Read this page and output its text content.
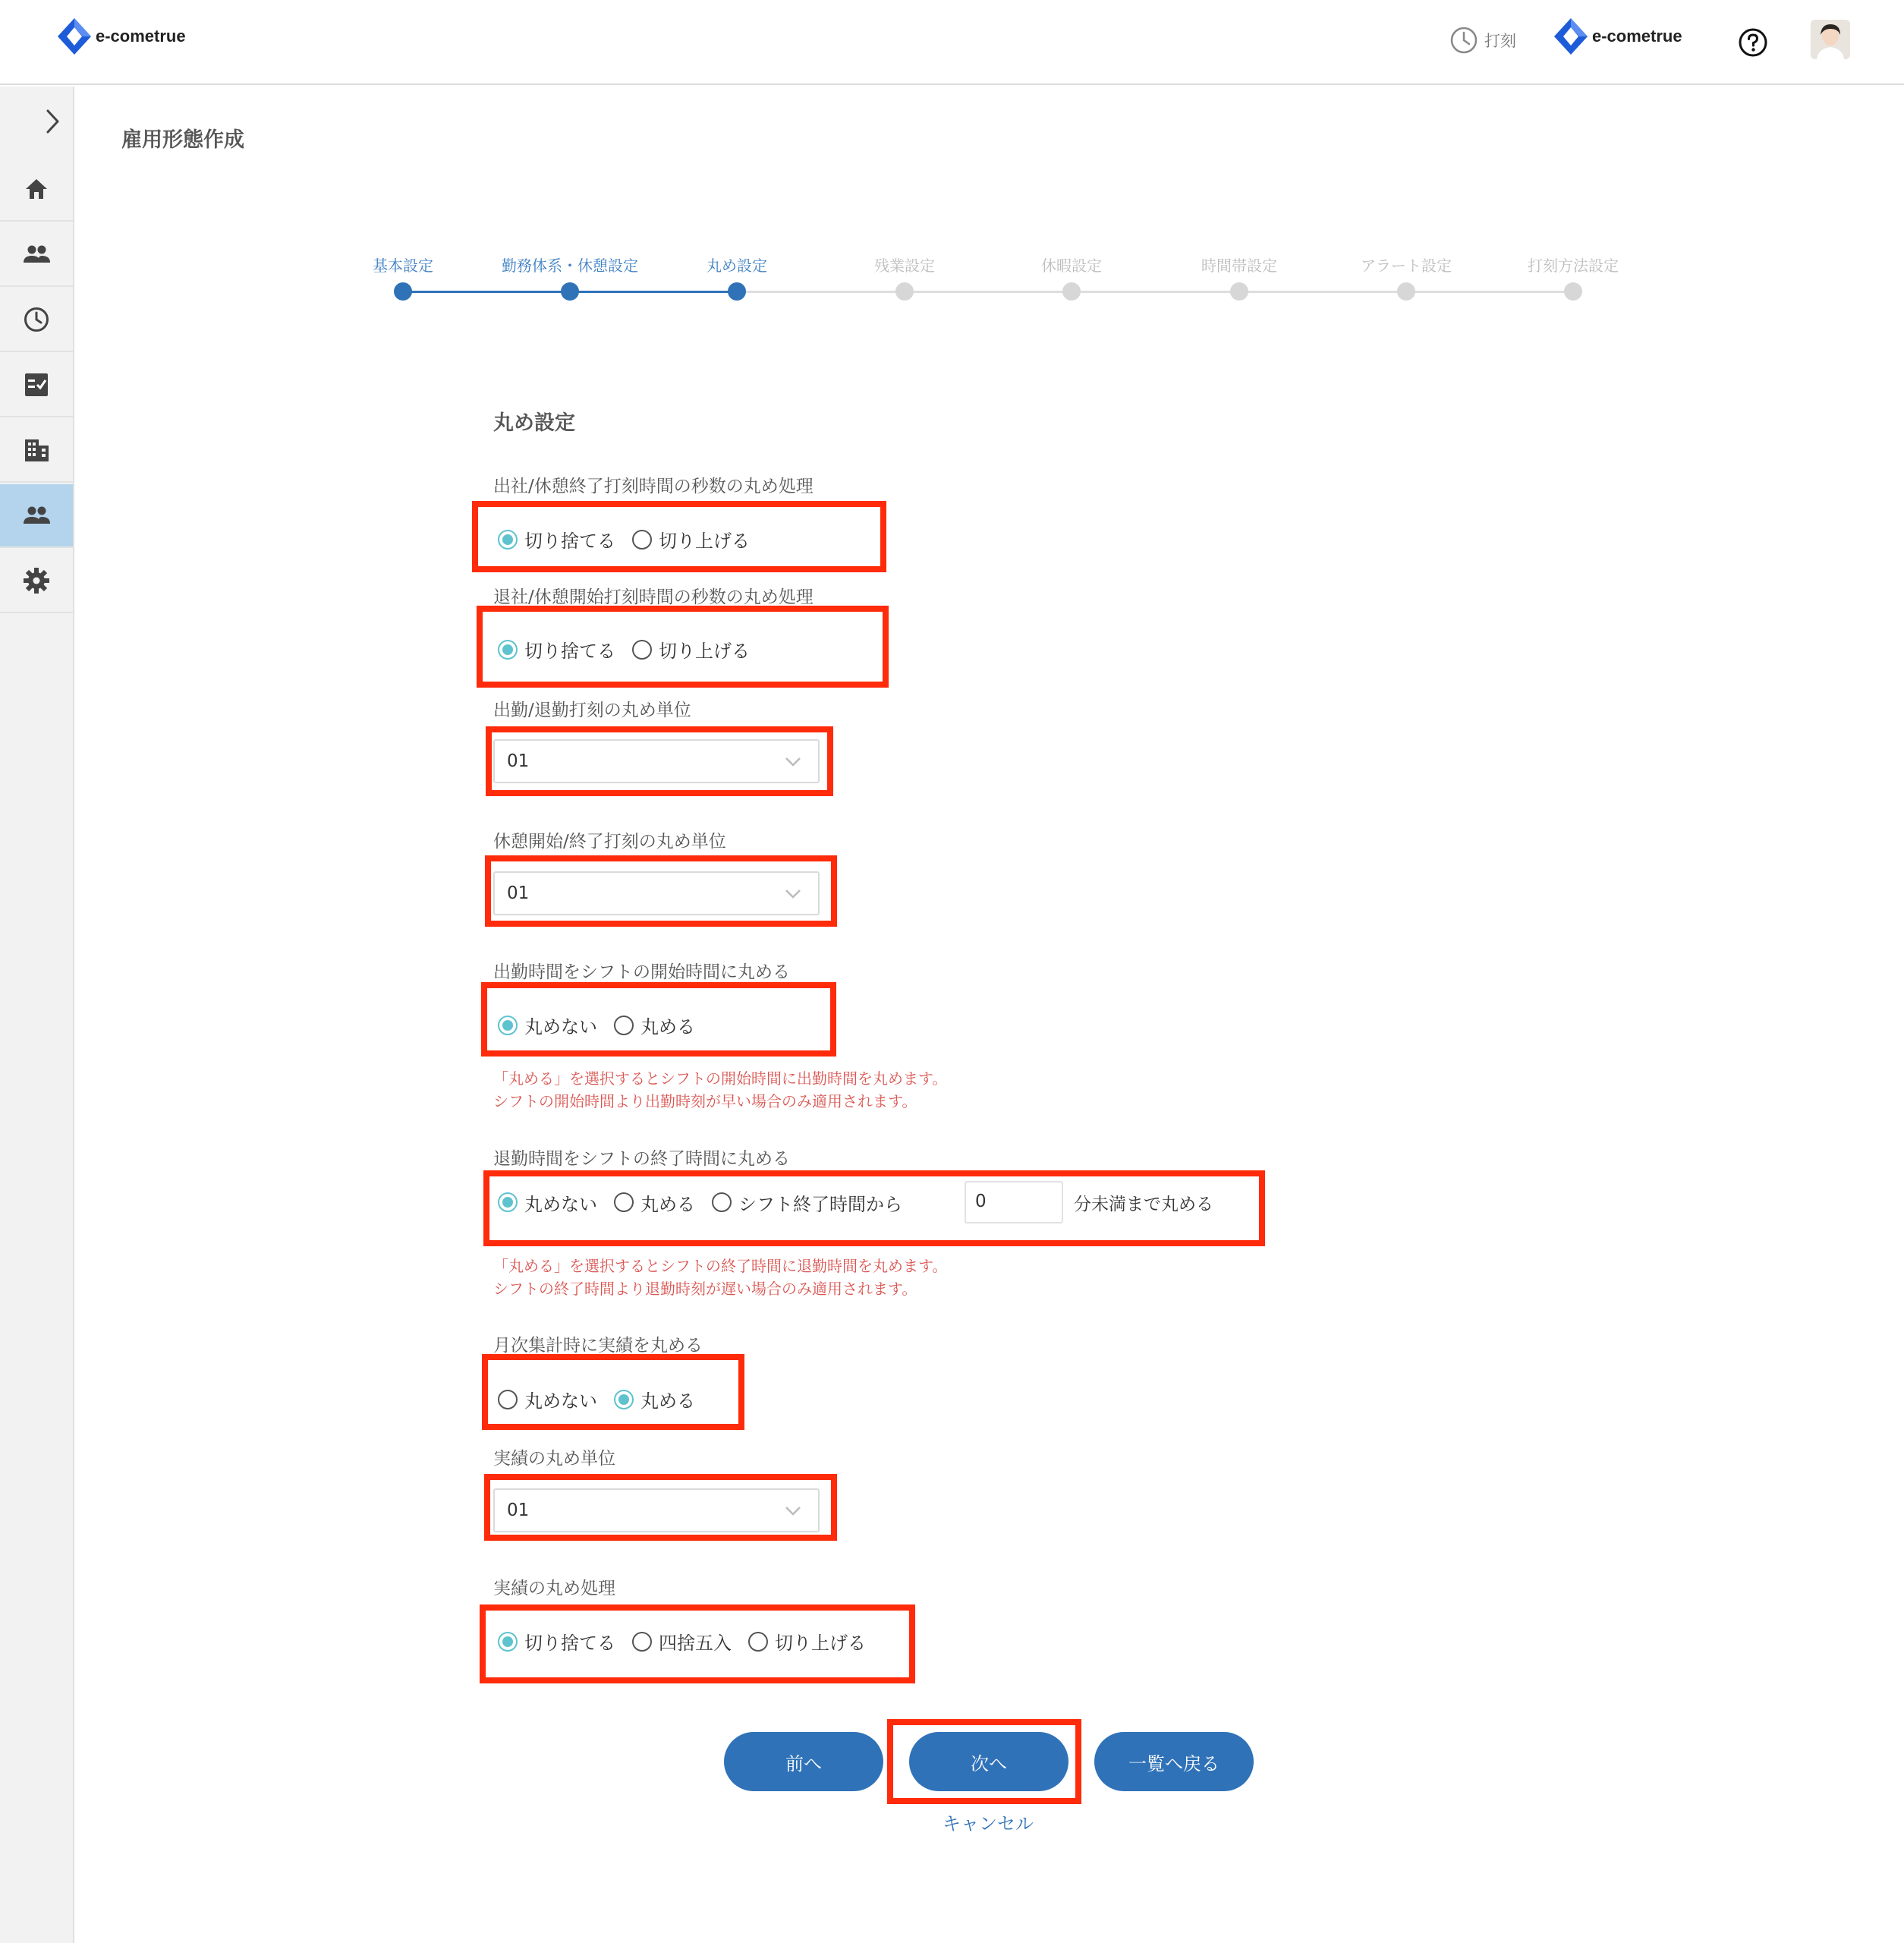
e-cometrue	打刻	e-cometrue
雇用形態作成
基本設定	勤務体系・休憩設定	丸め設定	残業設定	休暇設定	時間帯設定	アラート設定	打刻方法設定
丸め設定
出社/休憩終了打刻時間の秒数の丸め処理
切り捨てる 切り上げる
退社/休憩開始打刻時間の秒数の丸め処理
切り捨てる 切り上げる
出勤/退勤打刻の丸め単位
01
休憩開始/終了打刻の丸め単位
01
出勤時間をシフトの開始時間に丸める
丸めない 丸める
「丸める」を選択するとシフトの開始時間に出勤時間を丸めます。
シフトの開始時間より出勤時刻が早い場合のみ適用されます。
退勤時間をシフトの終了時間に丸める
丸めない 丸める シフト終了時間から	0	分未満まで丸める
「丸める」を選択するとシフトの終了時間に退勤時間を丸めます。
シフトの終了時間より退勤時刻が遅い場合のみ適用されます。
月次集計時に実績を丸める
丸めない 丸める
実績の丸め単位
01
実績の丸め処理
切り捨てる 四捨五入 切り上げる
前へ	次へ	一覧へ戻る
キャンセル
